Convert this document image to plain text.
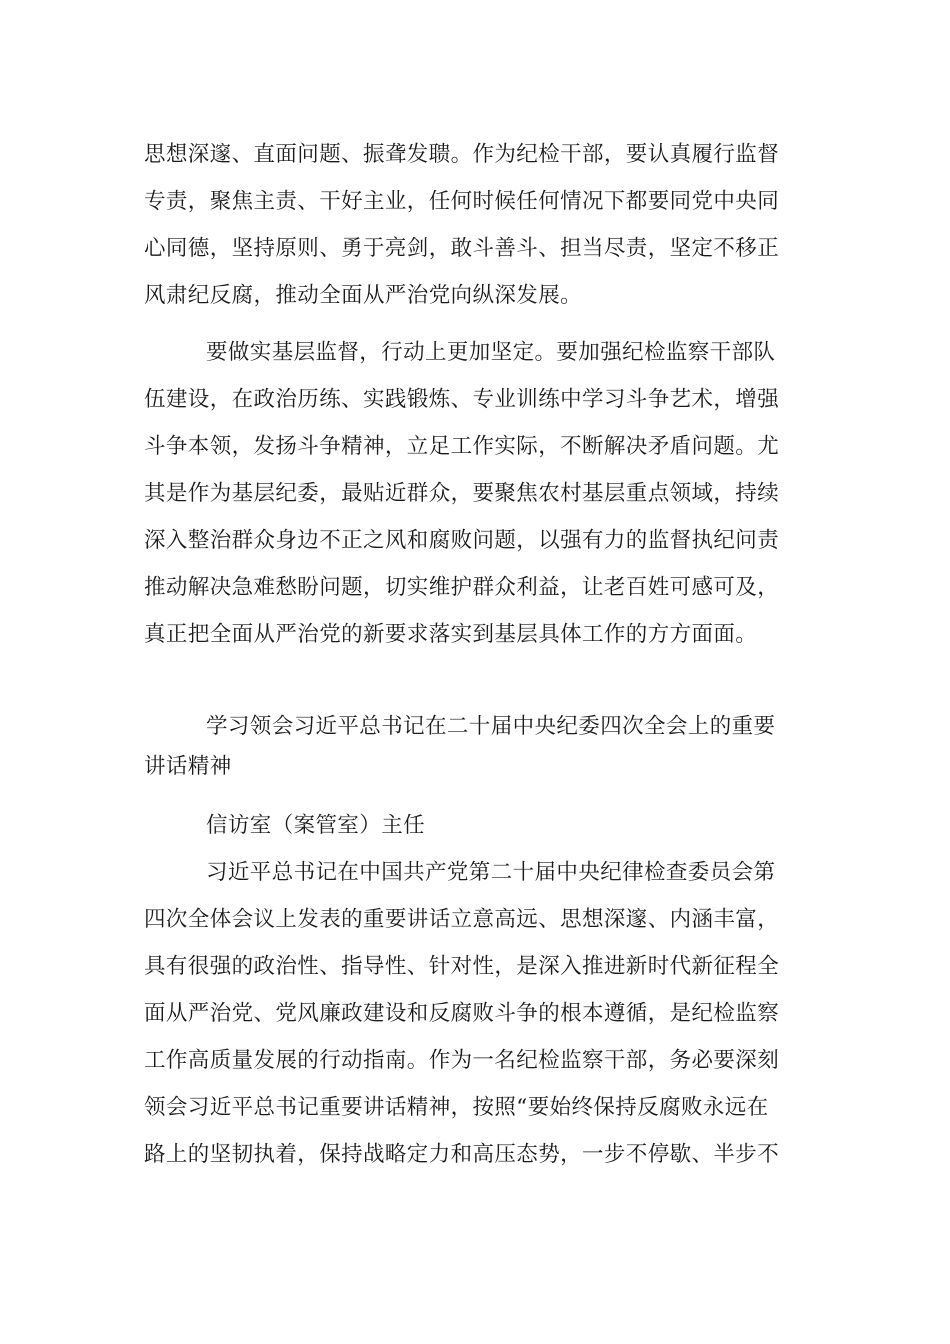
思想深邃、直面问题、振聋发聩。作为纪检干部，要认真履行监督
专责，聚焦主责、干好主业，任何时候任何情况下都要同党中央同
心同德，坚持原则、勇于亮剑，敢斗善斗、担当尽责，坚定不移正
风肃纪反腐，推动全面从严治党向纵深发展。
要做实基层监督，行动上更加坚定。要加强纪检监察干部队
伍建设，在政治历练、实践锻炼、专业训练中学习斗争艺术，增强
斗争本领，发扬斗争精神，立足工作实际，不断解决矛盾问题。尤
其是作为基层纪委，最贴近群众，要聚焦农村基层重点领域，持续
深入整治群众身边不正之风和腐败问题，以强有力的监督执纪问责
推动解决急难愁盼问题，切实维护群众利益，让老百姓可感可及，
真正把全面从严治党的新要求落实到基层具体工作的方方面面。
学习领会习近平总书记在二十届中央纪委四次全会上的重要
讲话精神
信访室（案管室）主任
习近平总书记在中国共产党第二十届中央纪律检查委员会第
四次全体会议上发表的重要讲话立意高远、思想深邃、内涵丰富，
具有很强的政治性、指导性、针对性，是深入推进新时代新征程全
面从严治党、党风廉政建设和反腐败斗争的根本遵循，是纪检监察
工作高质量发展的行动指南。作为一名纪检监察干部，务必要深刻
领会习近平总书记重要讲话精神，按照“要始终保持反腐败永远在
路上的坚韧执着，保持战略定力和高压态势，一步不停歇、半步不
